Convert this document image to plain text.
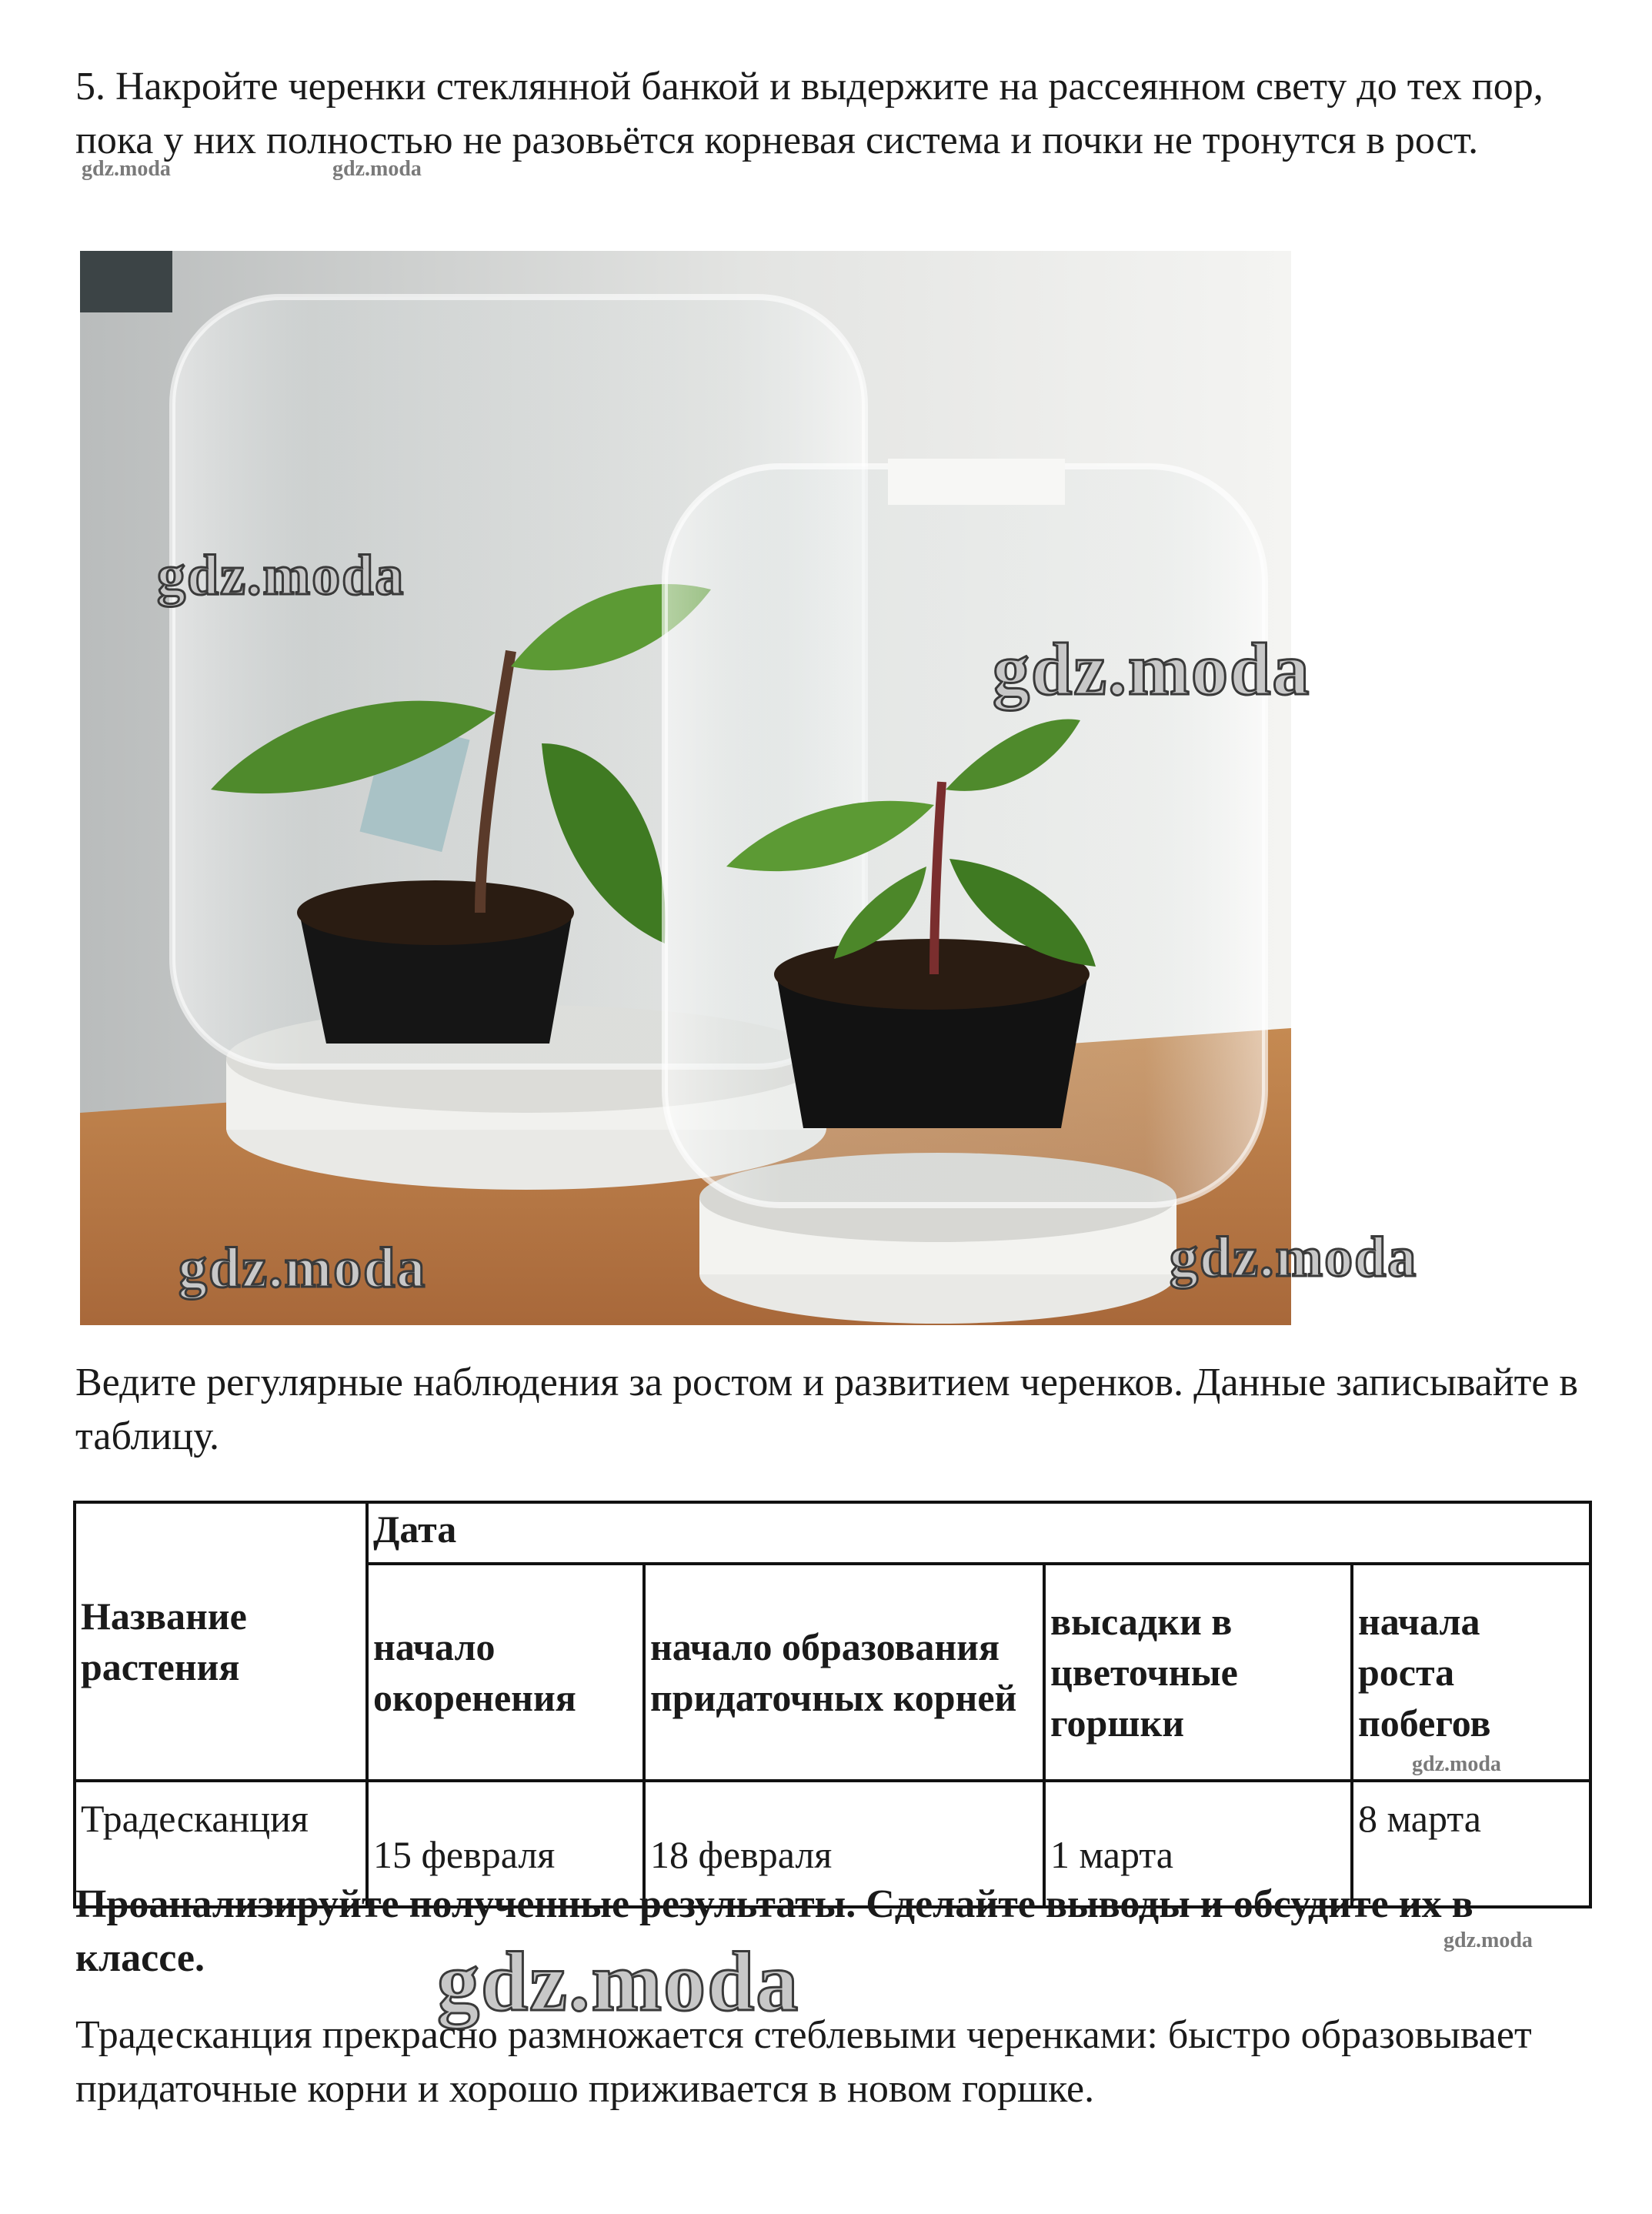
5. Накройте черенки стеклянной банкой и выдержите на рассеянном свету до тех пор, пока у них полностью не разовьётся корневая система и почки не тронутся в рост.

gdz.moda	gdz.moda
gdz.moda
gdz.moda
gdz.moda	gdz.moda

Ведите регулярные наблюдения за ростом и развитием черенков. Данные записывайте в таблицу.

Название растения	Дата			
	начало окоренения	начало образования придаточных корней	высадки в цветочные горшки	начала роста побегов
gdz.moda

Традесканция	15 февраля	18 февраля	1 марта	8 марта

Проанализируйте полученные результаты. Сделайте выводы и обсудите их в классе.	gdz.moda
gdz.moda

Традесканция прекрасно размножается стеблевыми черенками: быстро образовывает придаточные корни и хорошо приживается в новом горшке.
